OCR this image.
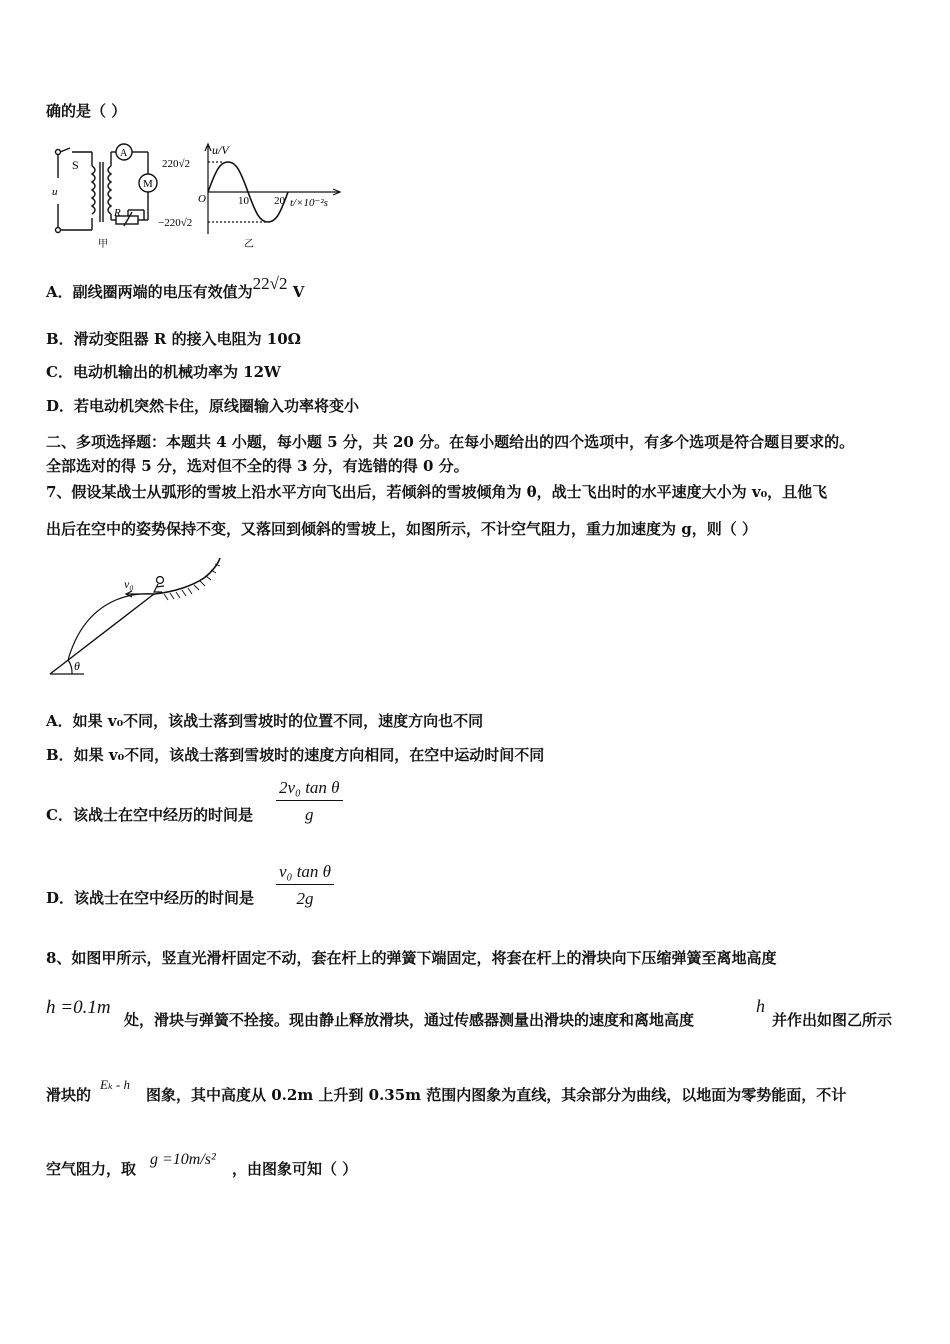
确的是（ ）
S
u
A
M
R
甲
220√2
−220√2
u/V
O	10 20 t/×10⁻²s
乙
A．副线圈两端的电压有效值为22√2 V
B．滑动变阻器 R 的接入电阻为 10Ω
C．电动机输出的机械功率为 12W
D．若电动机突然卡住，原线圈输入功率将变小
二、多项选择题：本题共 4 小题，每小题 5 分，共 20 分。在每小题给出的四个选项中，有多个选项是符合题目要求的。
全部选对的得 5 分，选对但不全的得 3 分，有选错的得 0 分。
7、假设某战士从弧形的雪坡上沿水平方向飞出后，若倾斜的雪坡倾角为 θ，战士飞出时的水平速度大小为 v₀，且他飞
出后在空中的姿势保持不变，又落回到倾斜的雪坡上，如图所示，不计空气阻力，重力加速度为 g，则（ ）
v₀
θ
A．如果 v₀不同，该战士落到雪坡时的位置不同，速度方向也不同
B．如果 v₀不同，该战士落到雪坡时的速度方向相同，在空中运动时间不同
C．该战士在空中经历的时间是 $\frac{\text{2v₀ tan θ}}{g}$
D．该战士在空中经历的时间是 $\frac{\text{v₀ tan θ}}{2g}$
8、如图甲所示，竖直光滑杆固定不动，套在杆上的弹簧下端固定，将套在杆上的滑块向下压缩弹簧至离地高度
h =0.1m
处，滑块与弹簧不拴接。现由静止释放滑块，通过传感器测量出滑块的速度和离地高度
h
并作出如图乙所示
滑块的
Eₖ - h
图象，其中高度从 0.2m 上升到 0.35m 范围内图象为直线，其余部分为曲线，以地面为零势能面，不计
空气阻力，取
g =10m/s²
，由图象可知（ ）
